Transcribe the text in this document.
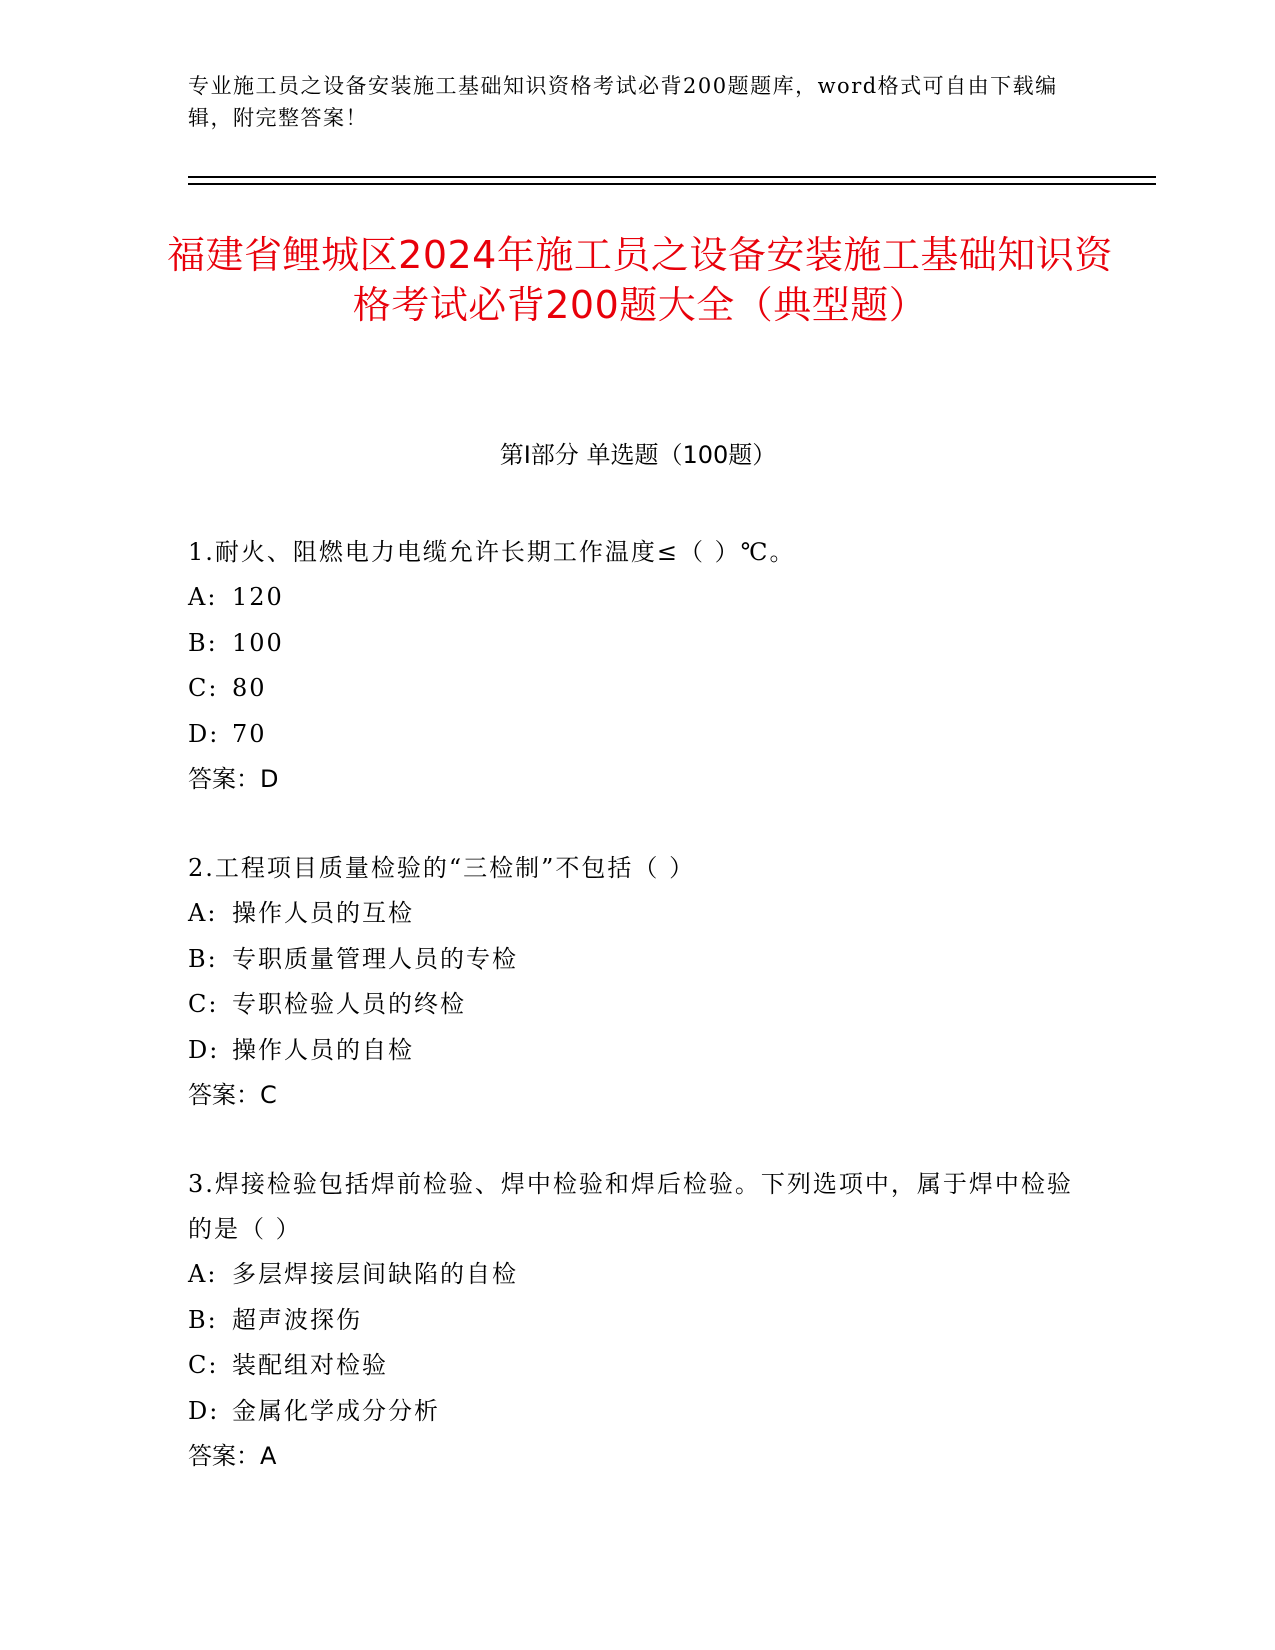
专业施工员之设备安装施工基础知识资格考试必背200题题库，word格式可自由下载编辑，附完整答案！
福建省鲤城区2024年施工员之设备安装施工基础知识资格考试必背200题大全（典型题）
第I部分 单选题（100题）
1.耐火、阻燃电力电缆允许长期工作温度≤（ ）℃。
A: 120
B: 100
C: 80
D: 70
答案：D
2.工程项目质量检验的“三检制”不包括（ ）
A: 操作人员的互检
B: 专职质量管理人员的专检
C: 专职检验人员的终检
D: 操作人员的自检
答案：C
3.焊接检验包括焊前检验、焊中检验和焊后检验。下列选项中，属于焊中检验的是（ ）
A: 多层焊接层间缺陷的自检
B: 超声波探伤
C: 装配组对检验
D: 金属化学成分分析
答案：A
